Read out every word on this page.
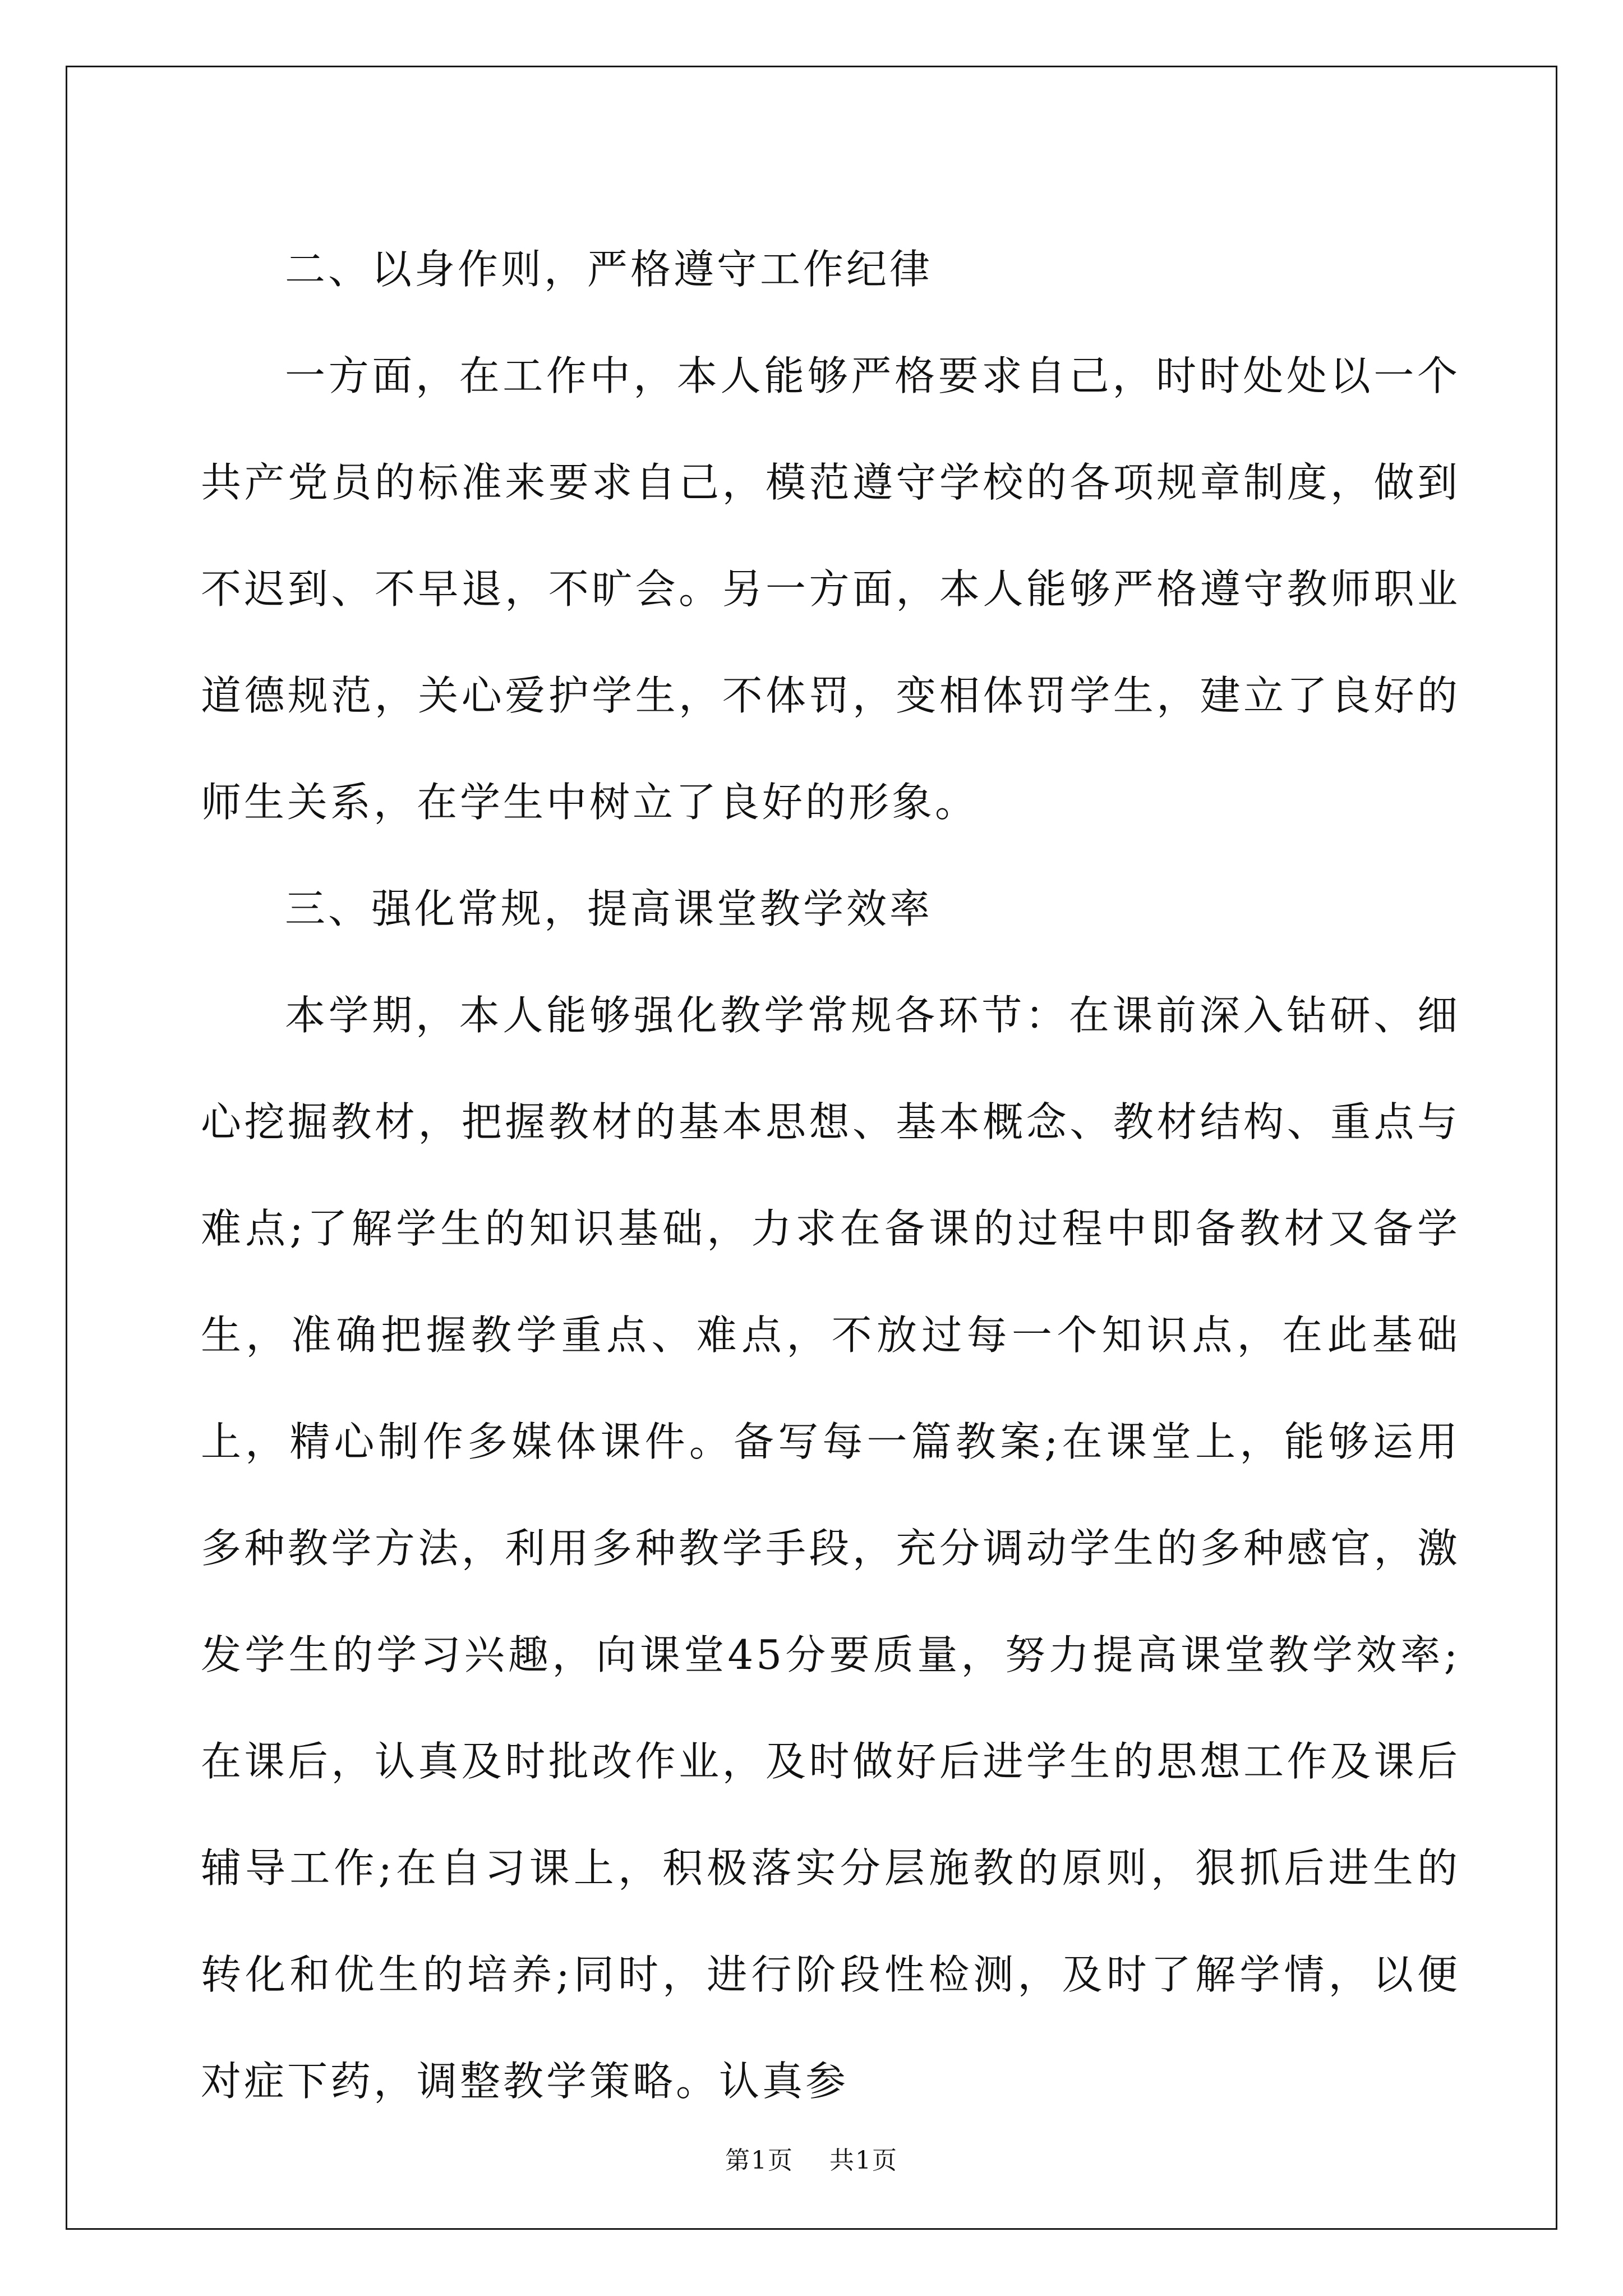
二、以身作则，严格遵守工作纪律

一方面，在工作中，本人能够严格要求自己，时时处处以一个共产党员的标准来要求自己，模范遵守学校的各项规章制度，做到不迟到、不早退，不旷会。另一方面，本人能够严格遵守教师职业道德规范，关心爱护学生，不体罚，变相体罚学生，建立了良好的师生关系，在学生中树立了良好的形象。

三、强化常规，提高课堂教学效率

本学期，本人能够强化教学常规各环节：在课前深入钻研、细心挖掘教材，把握教材的基本思想、基本概念、教材结构、重点与难点;了解学生的知识基础，力求在备课的过程中即备教材又备学生，准确把握教学重点、难点，不放过每一个知识点，在此基础上，精心制作多媒体课件。备写每一篇教案;在课堂上，能够运用多种教学方法，利用多种教学手段，充分调动学生的多种感官，激发学生的学习兴趣，向课堂45分要质量，努力提高课堂教学效率;在课后，认真及时批改作业，及时做好后进学生的思想工作及课后辅导工作;在自习课上，积极落实分层施教的原则，狠抓后进生的转化和优生的培养;同时，进行阶段性检测，及时了解学情，以便对症下药，调整教学策略。认真参

第1页 共1页
